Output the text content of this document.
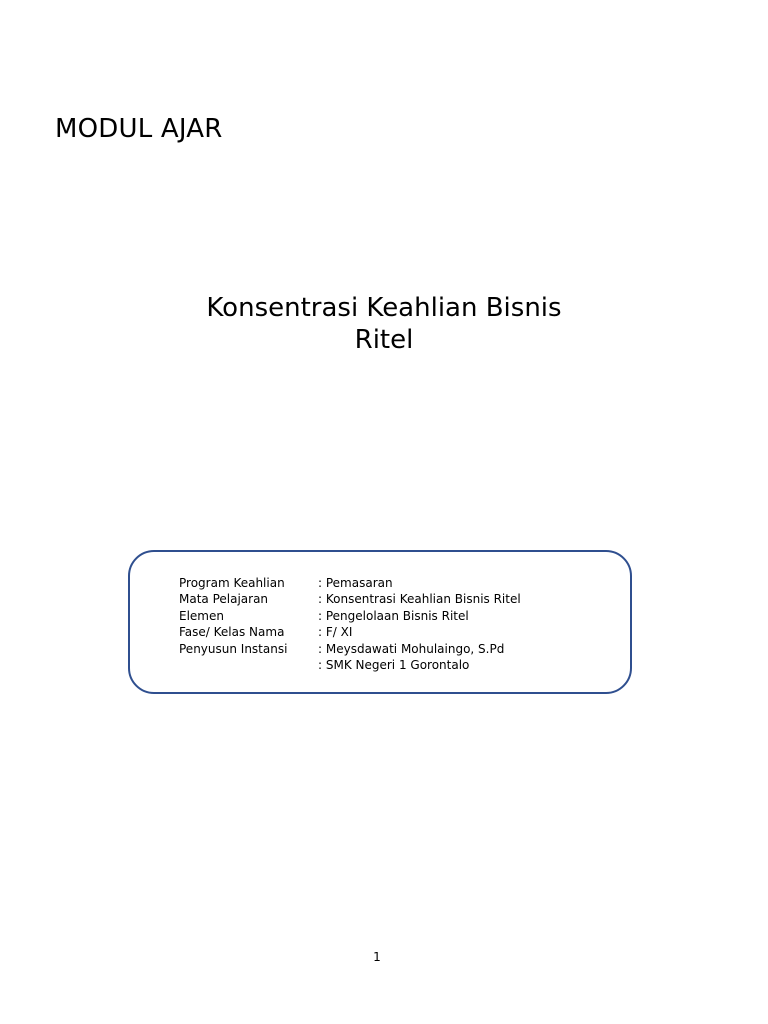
MODUL AJAR
Konsentrasi Keahlian Bisnis
Ritel
Program Keahlian	: Pemasaran
Mata Pelajaran	: Konsentrasi Keahlian Bisnis Ritel
Elemen	: Pengelolaan Bisnis Ritel
Fase/ Kelas Nama	: F/ XI
Penyusun Instansi	: Meysdawati Mohulaingo, S.Pd
: SMK Negeri 1 Gorontalo
1
